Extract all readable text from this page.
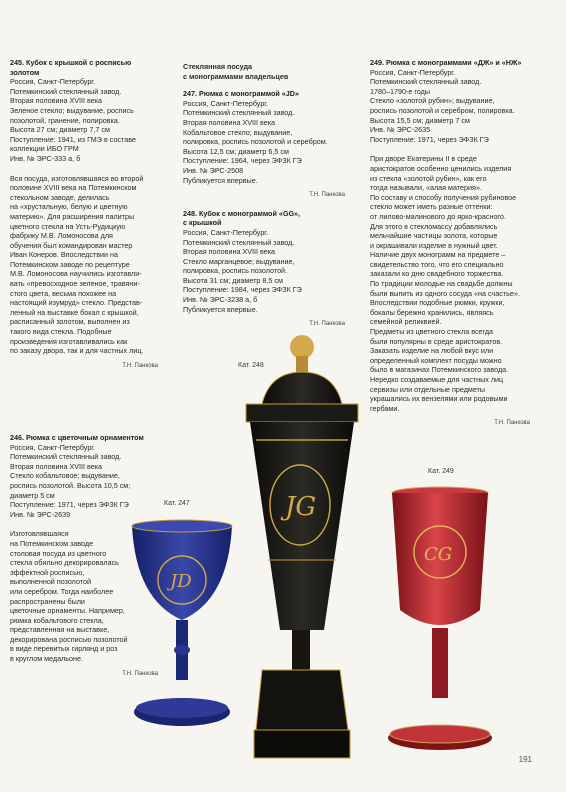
JD
JG
CG
245. Кубок с крышкой с росписью
золотом
Россия, Санкт-Петербург.
Потемкинский стеклянный завод.
Вторая половина XVIII века
Зеленое стекло; выдувание, роспись
позолотой, гранение, полировка.
Высота 27 см; диаметр 7,7 см
Поступление: 1941, из ГМЭ в составе
коллекции ИБО ГРМ
Инв. № ЭРС-333 а, б
Вся посуда, изготовлявшаяся во второй
половине XVIII века на Потемкинском
стекольном заводе, делилась
на «хрустальную, белую и цветную
материю». Для расширения палитры
цветного стекла на Усть-Рудицкую
фабрику М.В. Ломоносова для
обучения был командирован мастер
Иван Конеров. Впоследствии на
Потемкинском заводе по рецептуре
М.В. Ломоносова научились изготавли-
вать «превосходное зеленое, травяни-
стого цвета, весьма похожее на
настоящий изумруд» стекло. Представ-
ленный на выставке бокал с крышкой,
расписанный золотом, выполнен из
такого вида стекла. Подобные
произведения изготавливались как
по заказу двора, так и для частных лиц.
Т.Н. Панкова
246. Рюмка с цветочным орнаментом
Россия, Санкт-Петербург.
Потемкинский стеклянный завод.
Вторая половина XVIII века
Стекло кобальтовое; выдувание,
роспись позолотой. Высота 10,5 см;
диаметр 5 см
Поступление: 1971, через ЭФЗК ГЭ
Инв. № ЭРС-2639
Изготовлявшаяся
на Потемкинском заводе
столовая посуда из цветного
стекла обильно декорировалась
эффектной росписью,
выполненной позолотой
или серебром. Тогда наиболее
распространены были
цветочные орнаменты. Например,
рюмка кобальтового стекла,
представленная на выставке,
декорирована росписью позолотой
в виде перевитых гирлянд и роз
в круглом медальоне.
Т.Н. Панкова
Стеклянная посуда
с монограммами владельцев
247. Рюмка с монограммой «JD»
Россия, Санкт-Петербург.
Потемкинский стеклянный завод.
Вторая половина XVIII века
Кобальтовое стекло; выдувание,
полировка, роспись позолотой и серебром.
Высота 12,5 см; диаметр 6,5 см
Поступление: 1964, через ЭФЗК ГЭ
Инв. № ЭРС-2508
Публикуется впервые.
Т.Н. Панкова
248. Кубок с монограммой «GG»,
с крышкой
Россия, Санкт-Петербург.
Потемкинский стеклянный завод.
Вторая половина XVIII века
Стекло марганцевое; выдувание,
полировка, роспись позолотой.
Высота 31 см; диаметр 8,5 см
Поступление: 1984, через ЭФЗК ГЭ
Инв. № ЭРС-3238 а, б
Публикуется впервые.
Т.Н. Панкова
249. Рюмка с монограммами «ДЖ» и «НЖ»
Россия, Санкт-Петербург.
Потемкинский стеклянный завод.
1780–1790-е годы
Стекло «золотой рубин»; выдувание,
роспись позолотой и серебром, полировка.
Высота 15,5 см; диаметр 7 см
Инв. № ЭРС-2635
Поступление: 1971, через ЭФЗК ГЭ
При дворе Екатерины II в среде
аристократов особенно ценились изделия
из стекла «золотой рубин», как его
тогда называли, «алая материя».
По составу и способу получения рубиновое
стекло может иметь разные оттенки:
от лилово-малинового до ярко-красного.
Для этого в стекломассу добавлялись
мельчайшие частицы золота, которые
и окрашивали изделие в нужный цвет.
Наличие двух монограмм на предмете –
свидетельство того, что его специально
заказали ко дню свадебного торжества.
По традиции молодые на свадьбе должны
были выпить из одного сосуда «на счастье».
Впоследствии подобные рюмки, кружки,
бокалы бережно хранились, являясь
семейной реликвией.
Предметы из цветного стекла всегда
были популярны в среде аристократов.
Заказать изделие на любой вкус или
определенный комплект посуды можно
было в магазинах Потемкинского завода.
Нередко создаваемые для частных лиц
сервизы или отдельные предметы
украшались их вензелями или родовыми
гербами.
Т.Н. Панкова
Кат. 247
Кат. 248
Кат. 249
191
